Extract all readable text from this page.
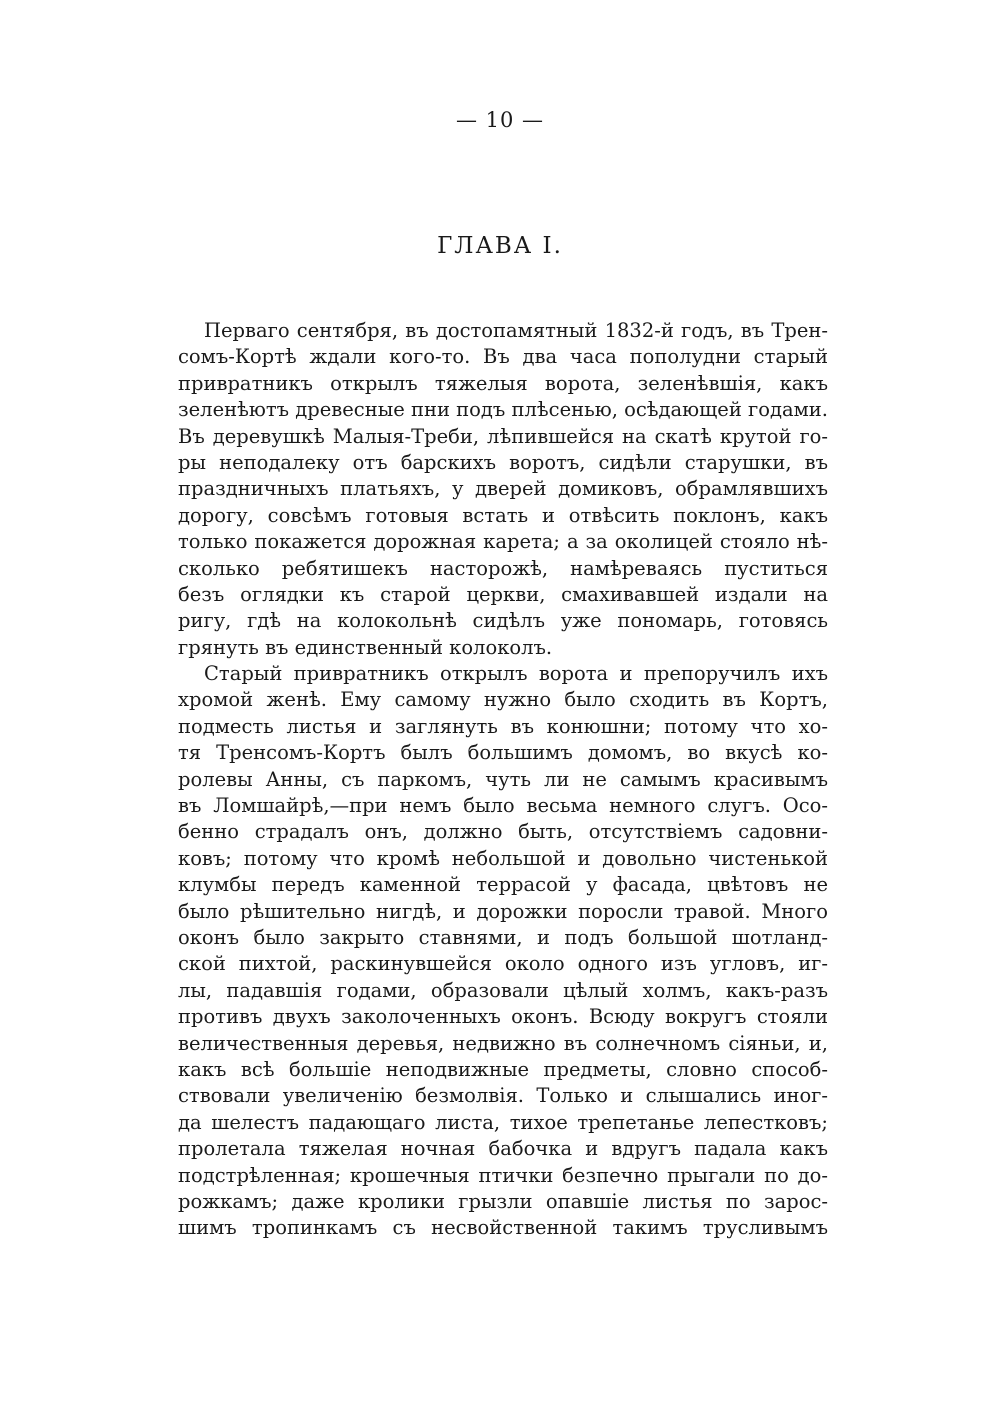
— 10 —
ГЛАВА I.
Перваго сентября, въ достопамятный 1832-й годъ, въ Трен-
сомъ-Кортѣ ждали кого-то. Въ два часа пополудни старый
привратникъ открылъ тяжелыя ворота, зеленѣвшія, какъ
зеленѣютъ древесные пни подъ плѣсенью, осѣдающей годами.
Въ деревушкѣ Малыя-Треби, лѣпившейся на скатѣ крутой го-
ры неподалеку отъ барскихъ воротъ, сидѣли старушки, въ
праздничныхъ платьяхъ, у дверей домиковъ, обрамлявшихъ
дорогу, совсѣмъ готовыя встать и отвѣсить поклонъ, какъ
только покажется дорожная карета; а за околицей стояло нѣ-
сколько ребятишекъ насторожѣ, намѣреваясь пуститься
безъ оглядки къ старой церкви, смахивавшей издали на
ригу, гдѣ на колокольнѣ сидѣлъ уже пономарь, готовясь
грянуть въ единственный колоколъ.
Старый привратникъ открылъ ворота и препоручилъ ихъ
хромой женѣ. Ему самому нужно было сходить въ Кортъ,
подместь листья и заглянуть въ конюшни; потому что хо-
тя Тренсомъ-Кортъ былъ большимъ домомъ, во вкусѣ ко-
ролевы Анны, съ паркомъ, чуть ли не самымъ красивымъ
въ Ломшайрѣ,—при немъ было весьма немного слугъ. Осо-
бенно страдалъ онъ, должно быть, отсутствіемъ садовни-
ковъ; потому что кромѣ небольшой и довольно чистенькой
клумбы передъ каменной террасой у фасада, цвѣтовъ не
было рѣшительно нигдѣ, и дорожки поросли травой. Много
оконъ было закрыто ставнями, и подъ большой шотланд-
ской пихтой, раскинувшейся около одного изъ угловъ, иг-
лы, падавшія годами, образовали цѣлый холмъ, какъ-разъ
противъ двухъ заколоченныхъ оконъ. Всюду вокругъ стояли
величественныя деревья, недвижно въ солнечномъ сіяньи, и,
какъ всѣ большіе неподвижные предметы, словно способ-
ствовали увеличенію безмолвія. Только и слышались иног-
да шелестъ падающаго листа, тихое трепетанье лепестковъ;
пролетала тяжелая ночная бабочка и вдругъ падала какъ
подстрѣленная; крошечныя птички безпечно прыгали по до-
рожкамъ; даже кролики грызли опавшіе листья по зарос-
шимъ тропинкамъ съ несвойственной такимъ трусливымъ
